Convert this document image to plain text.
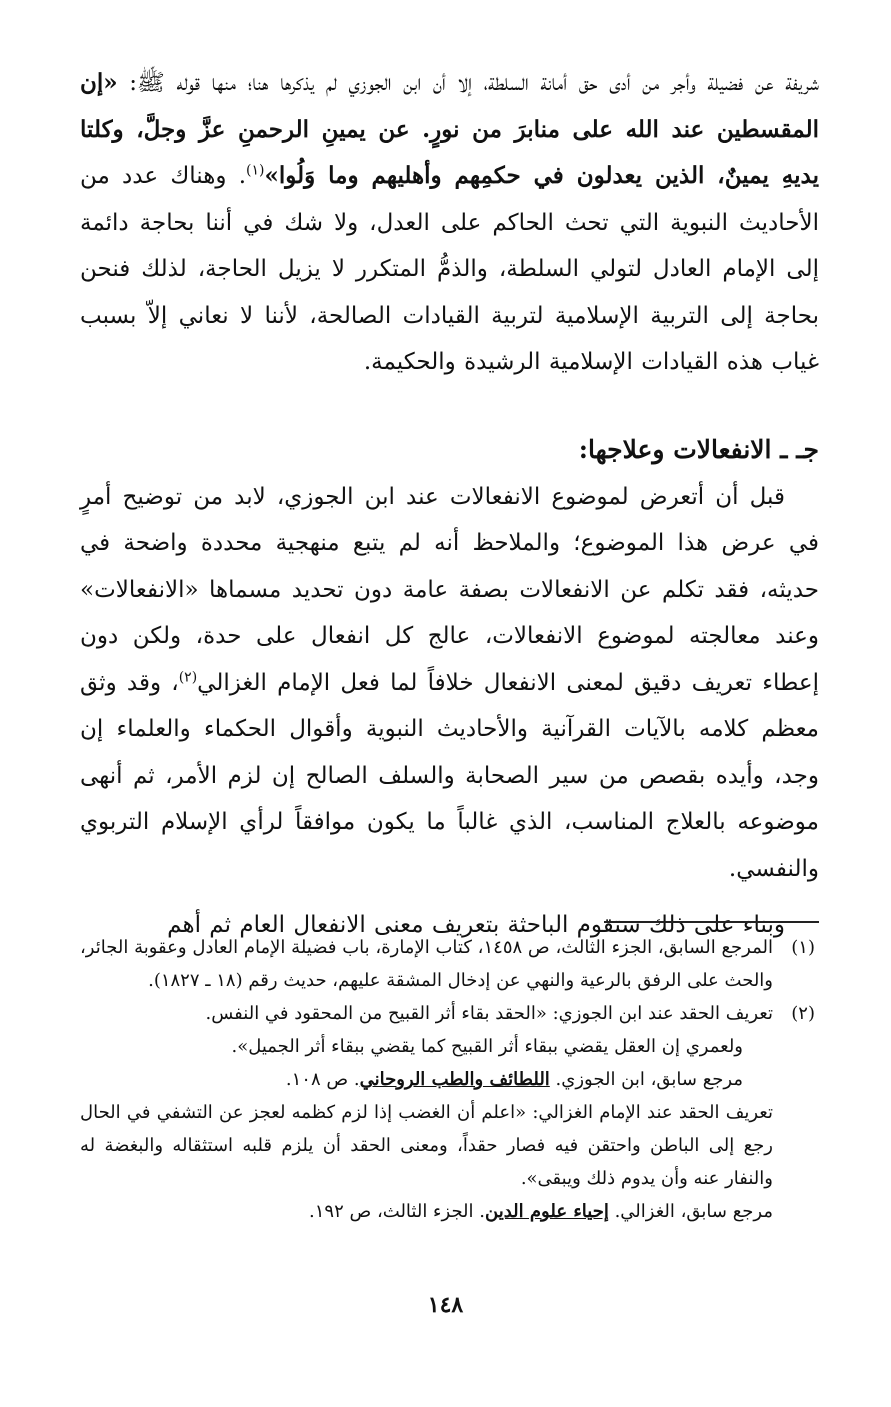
شريفة عن فضيلة وأجر من أدى حق أمانة السلطة، إلا أن ابن الجوزي لم يذكرها هنا؛ منها قوله ﷺ: «إن المقسطين عند الله على منابرَ من نورٍ. عن يمينِ الرحمنِ عزَّ وجلَّ، وكلتا يديهِ يمينٌ، الذين يعدلون في حكمِهم وأهليهم وما وَلُوا»$^{(١)}$. وهناك عدد من الأحاديث النبوية التي تحث الحاكم على العدل، ولا شك في أننا بحاجة دائمة إلى الإمام العادل لتولي السلطة، والذمُّ المتكرر لا يزيل الحاجة، لذلك فنحن بحاجة إلى التربية الإسلامية لتربية القيادات الصالحة، لأننا لا نعاني إلاّ بسبب غياب هذه القيادات الإسلامية الرشيدة والحكيمة.

جـ ـ الانفعالات وعلاجها:

قبل أن أتعرض لموضوع الانفعالات عند ابن الجوزي، لابد من توضيح أمرٍ في عرض هذا الموضوع؛ والملاحظ أنه لم يتبع منهجية محددة واضحة في حديثه، فقد تكلم عن الانفعالات بصفة عامة دون تحديد مسماها «الانفعالات» وعند معالجته لموضوع الانفعالات، عالج كل انفعال على حدة، ولكن دون إعطاء تعريف دقيق لمعنى الانفعال خلافاً لما فعل الإمام الغزالي$^{(٢)}$، وقد وثق معظم كلامه بالآيات القرآنية والأحاديث النبوية وأقوال الحكماء والعلماء إن وجد، وأيده بقصص من سير الصحابة والسلف الصالح إن لزم الأمر، ثم أنهى موضوعه بالعلاج المناسب، الذي غالباً ما يكون موافقاً لرأي الإسلام التربوي والنفسي.

وبناء على ذلك ستقوم الباحثة بتعريف معنى الانفعال العام ثم أهم

(١)
المرجع السابق، الجزء الثالث، ص ١٤٥٨، كتاب الإمارة، باب فضيلة الإمام العادل وعقوبة الجائر، والحث على الرفق بالرعية والنهي عن إدخال المشقة عليهم، حديث رقم (١٨ ـ ١٨٢٧).
(٢)
تعريف الحقد عند ابن الجوزي: «الحقد بقاء أثر القبيح من المحقود في النفس.
ولعمري إن العقل يقضي ببقاء أثر القبيح كما يقضي ببقاء أثر الجميل».
مرجع سابق، ابن الجوزي. اللطائف والطب الروحاني. ص ١٠٨.
تعريف الحقد عند الإمام الغزالي: «اعلم أن الغضب إذا لزم كظمه لعجز عن التشفي في الحال رجع إلى الباطن واحتقن فيه فصار حقداً، ومعنى الحقد أن يلزم قلبه استثقاله والبغضة له والنفار عنه وأن يدوم ذلك ويبقى».
مرجع سابق، الغزالي. إحياء علوم الدين. الجزء الثالث، ص ١٩٢.
١٤٨
